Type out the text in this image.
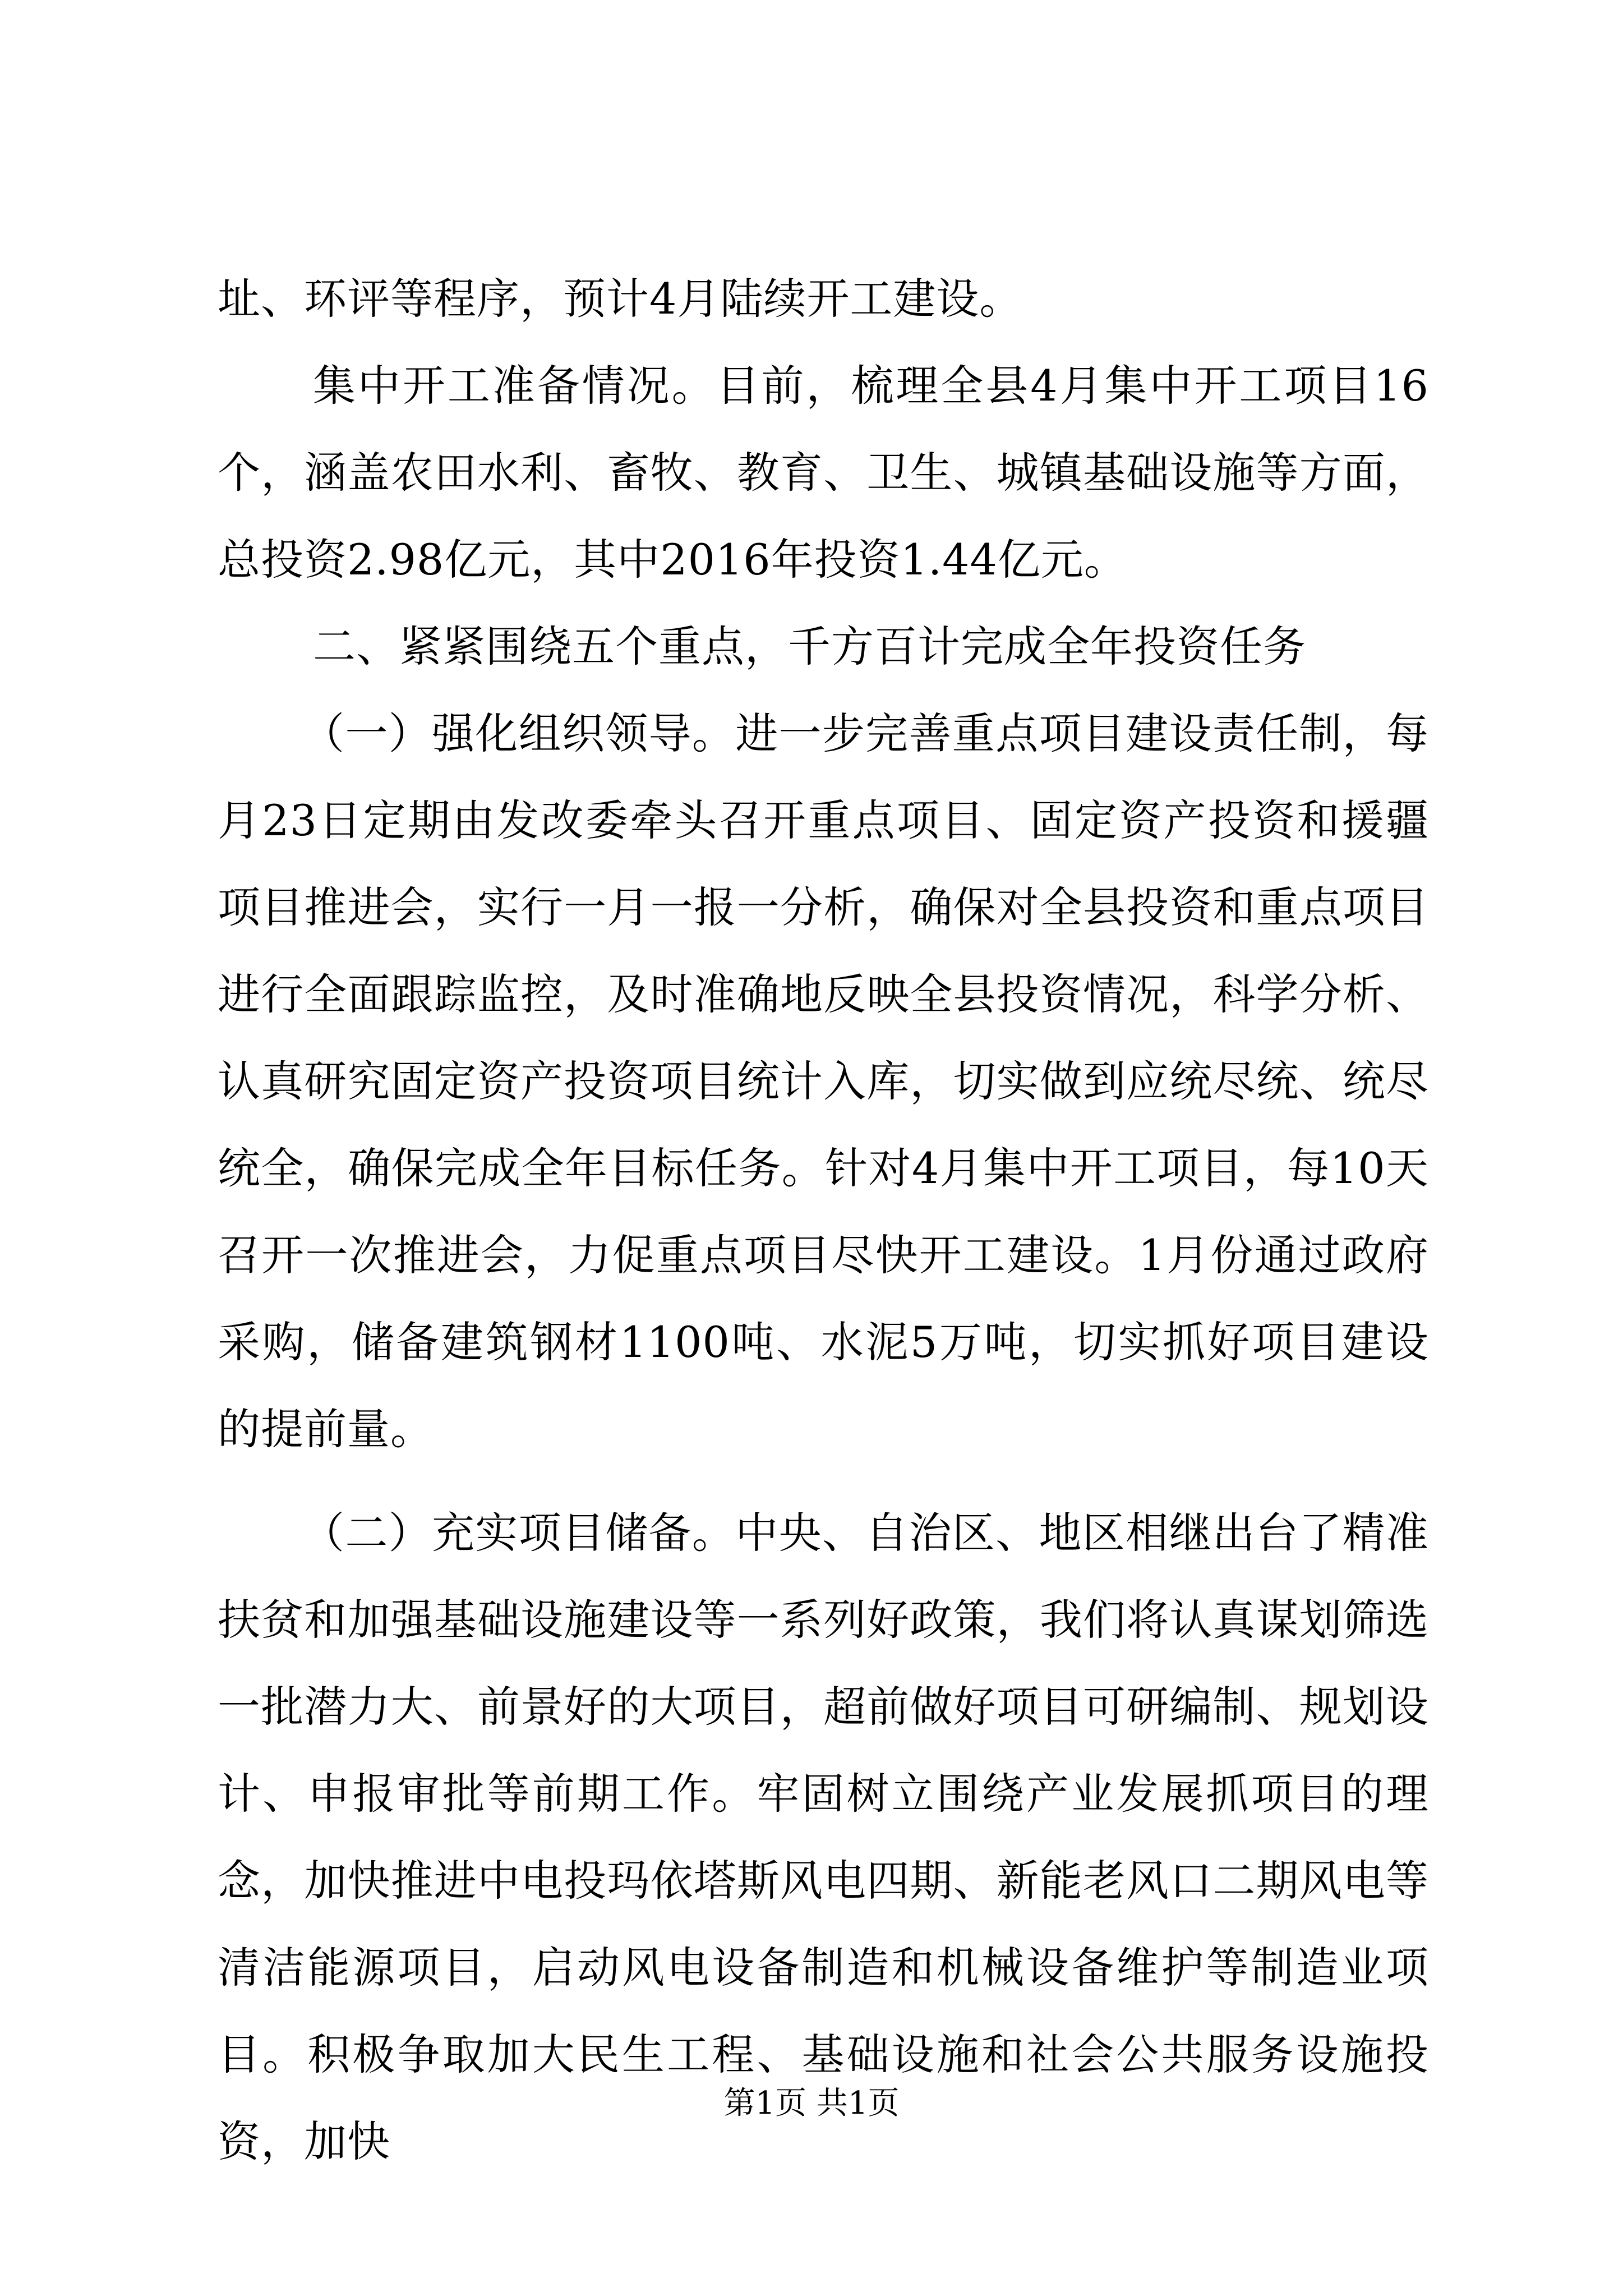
址、环评等程序，预计4月陆续开工建设。

集中开工准备情况。目前，梳理全县4月集中开工项目16个，涵盖农田水利、畜牧、教育、卫生、城镇基础设施等方面，总投资2.98亿元，其中2016年投资1.44亿元。

二、紧紧围绕五个重点，千方百计完成全年投资任务

（一）强化组织领导。进一步完善重点项目建设责任制，每月23日定期由发改委牵头召开重点项目、固定资产投资和援疆项目推进会，实行一月一报一分析，确保对全县投资和重点项目进行全面跟踪监控，及时准确地反映全县投资情况，科学分析、认真研究固定资产投资项目统计入库，切实做到应统尽统、统尽统全，确保完成全年目标任务。针对4月集中开工项目，每10天召开一次推进会，力促重点项目尽快开工建设。1月份通过政府采购，储备建筑钢材1100吨、水泥5万吨，切实抓好项目建设的提前量。

（二）充实项目储备。中央、自治区、地区相继出台了精准扶贫和加强基础设施建设等一系列好政策，我们将认真谋划筛选一批潜力大、前景好的大项目，超前做好项目可研编制、规划设计、申报审批等前期工作。牢固树立围绕产业发展抓项目的理念，加快推进中电投玛依塔斯风电四期、新能老风口二期风电等清洁能源项目，启动风电设备制造和机械设备维护等制造业项目。积极争取加大民生工程、基础设施和社会公共服务设施投资，加快

第1页 共1页
